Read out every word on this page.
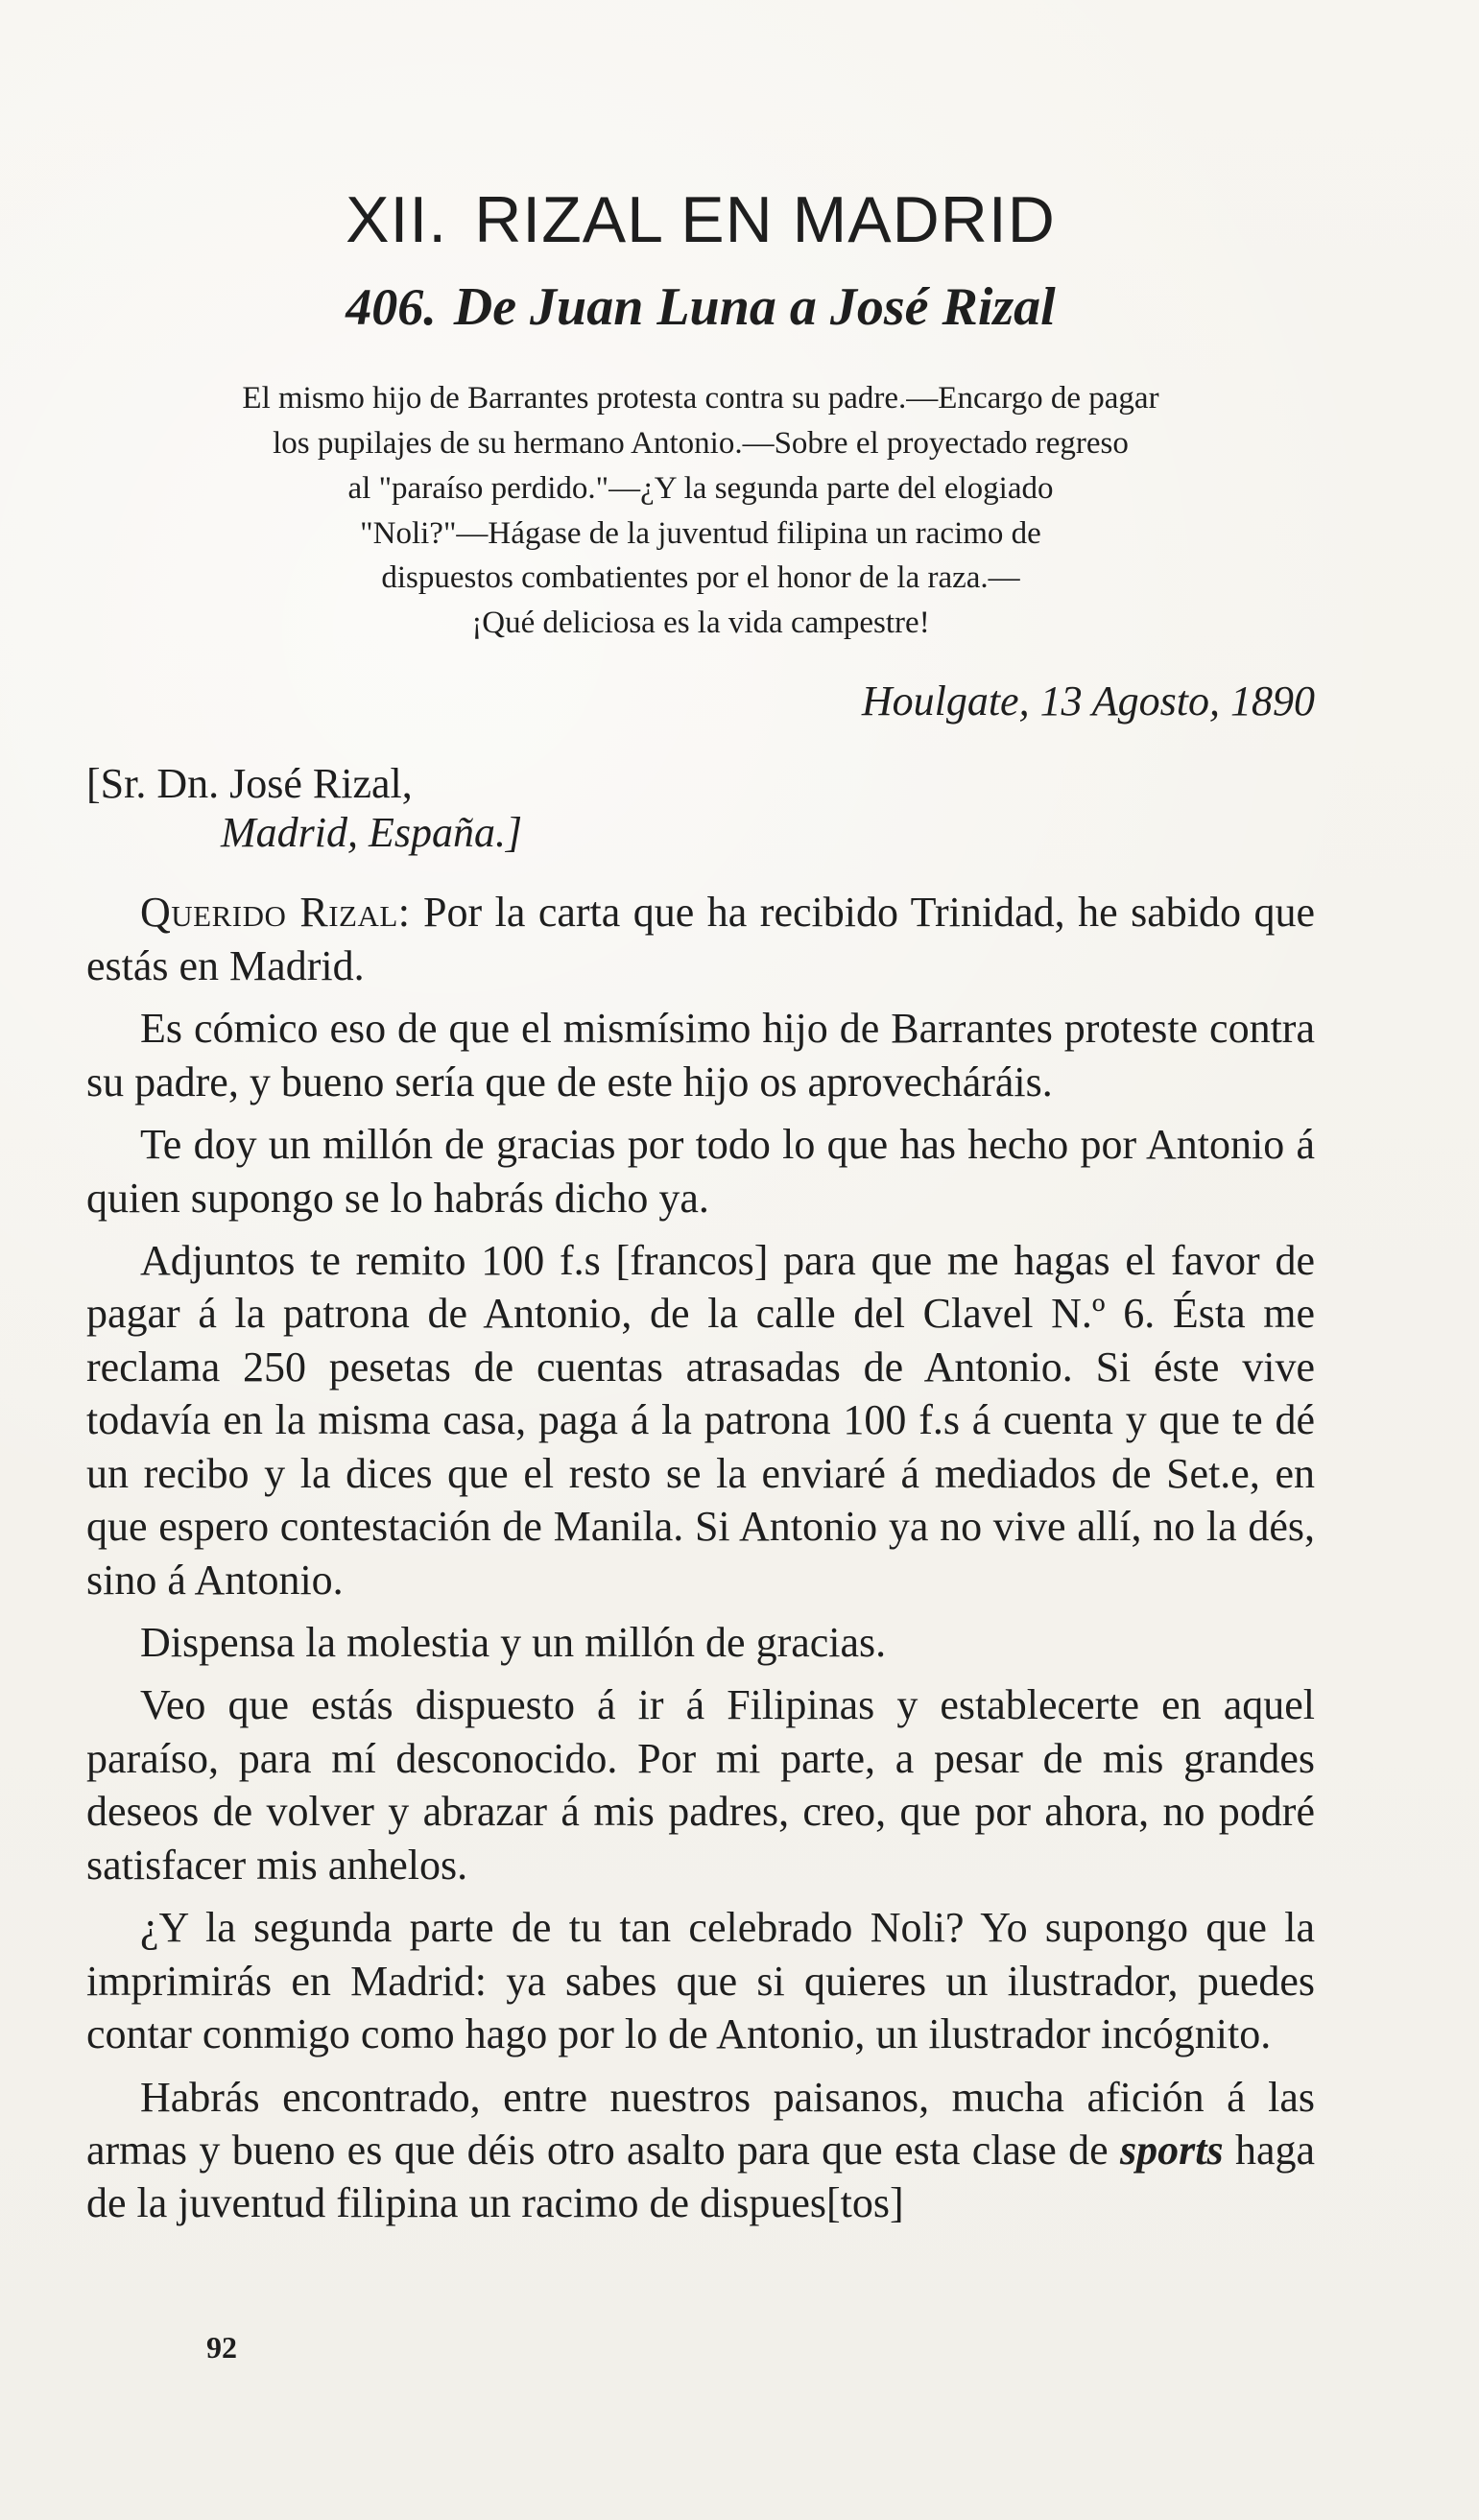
XII. RIZAL EN MADRID
406. De Juan Luna a José Rizal

El mismo hijo de Barrantes protesta contra su padre.—Encargo de pagar

los pupilajes de su hermano Antonio.—Sobre el proyectado regreso

al "paraíso perdido."—¿Y la segunda parte del elogiado

"Noli?"—Hágase de la juventud filipina un racimo de

dispuestos combatientes por el honor de la raza.—

¡Qué deliciosa es la vida campestre!

Houlgate, 13 Agosto, 1890
[Sr. Dn. José Rizal,
Madrid, España.]

Querido Rizal: Por la carta que ha recibido Trinidad, he sabido que estás en Madrid.

Es cómico eso de que el mismísimo hijo de Barrantes proteste contra su padre, y bueno sería que de este hijo os aprovecháráis.

Te doy un millón de gracias por todo lo que has hecho por Antonio á quien supongo se lo habrás dicho ya.

Adjuntos te remito 100 f.s [francos] para que me hagas el favor de pagar á la patrona de Antonio, de la calle del Clavel N.º 6. Ésta me reclama 250 pesetas de cuentas atrasadas de Antonio. Si éste vive todavía en la misma casa, paga á la patrona 100 f.s á cuenta y que te dé un recibo y la dices que el resto se la enviaré á mediados de Set.e, en que espero contestación de Manila. Si Antonio ya no vive allí, no la dés, sino á Antonio.

Dispensa la molestia y un millón de gracias.

Veo que estás dispuesto á ir á Filipinas y establecerte en aquel paraíso, para mí desconocido. Por mi parte, a pesar de mis grandes deseos de volver y abrazar á mis padres, creo, que por ahora, no podré satisfacer mis anhelos.

¿Y la segunda parte de tu tan celebrado Noli? Yo supongo que la imprimirás en Madrid: ya sabes que si quieres un ilustrador, puedes contar conmigo como hago por lo de Antonio, un ilustrador incógnito.

Habrás encontrado, entre nuestros paisanos, mucha afición á las armas y bueno es que déis otro asalto para que esta clase de sports haga de la juventud filipina un racimo de dispues[tos]

92
